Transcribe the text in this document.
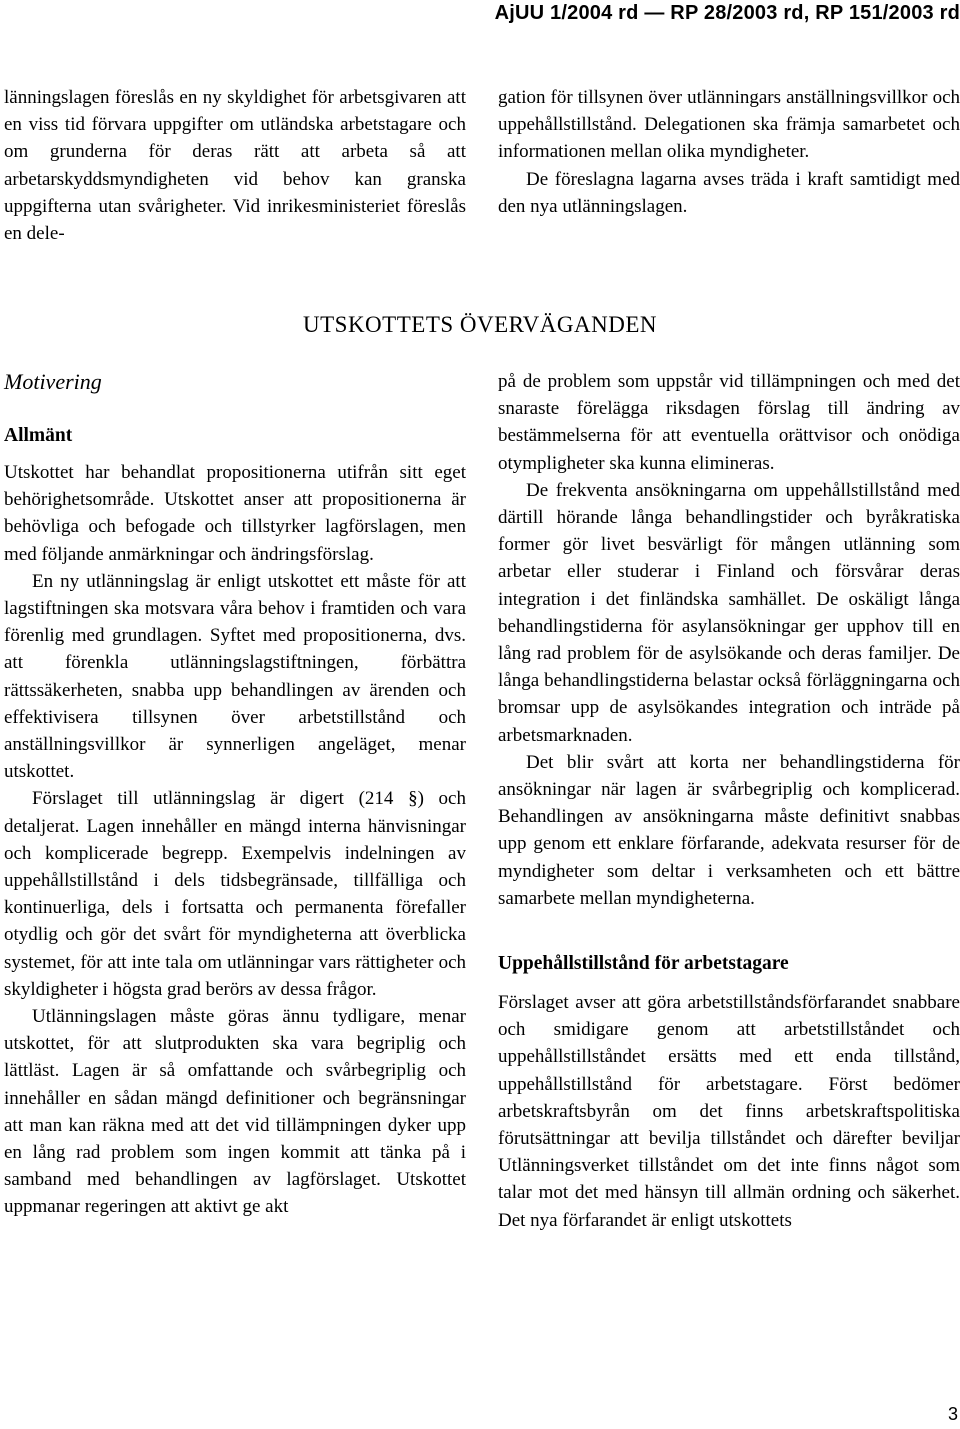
AjUU 1/2004 rd — RP 28/2003 rd, RP 151/2003 rd

länningslagen föreslås en ny skyldighet för arbetsgivaren att en viss tid förvara uppgifter om utländska arbetstagare och om grunderna för deras rätt att arbeta så att arbetarskyddsmyndigheten vid behov kan granska uppgifterna utan svårigheter. Vid inrikesministeriet föreslås en dele-

gation för tillsynen över utlänningars anställningsvillkor och uppehållstillstånd. Delegationen ska främja samarbetet och informationen mellan olika myndigheter.

De föreslagna lagarna avses träda i kraft samtidigt med den nya utlänningslagen.

UTSKOTTETS ÖVERVÄGANDEN
Motivering
Allmänt

Utskottet har behandlat propositionerna utifrån sitt eget behörighetsområde. Utskottet anser att propositionerna är behövliga och befogade och tillstyrker lagförslagen, men med följande anmärkningar och ändringsförslag.

En ny utlänningslag är enligt utskottet ett måste för att lagstiftningen ska motsvara våra behov i framtiden och vara förenlig med grundlagen. Syftet med propositionerna, dvs. att förenkla utlänningslagstiftningen, förbättra rättssäkerheten, snabba upp behandlingen av ärenden och effektivisera tillsynen över arbetstillstånd och anställningsvillkor är synnerligen angeläget, menar utskottet.

Förslaget till utlänningslag är digert (214 §) och detaljerat. Lagen innehåller en mängd interna hänvisningar och komplicerade begrepp. Exempelvis indelningen av uppehållstillstånd i dels tidsbegränsade, tillfälliga och kontinuerliga, dels i fortsatta och permanenta förefaller otydlig och gör det svårt för myndigheterna att överblicka systemet, för att inte tala om utlänningar vars rättigheter och skyldigheter i högsta grad berörs av dessa frågor.

Utlänningslagen måste göras ännu tydligare, menar utskottet, för att slutprodukten ska vara begriplig och lättläst. Lagen är så omfattande och svårbegriplig och innehåller en sådan mängd definitioner och begränsningar att man kan räkna med att det vid tillämpningen dyker upp en lång rad problem som ingen kommit att tänka på i samband med behandlingen av lagförslaget. Utskottet uppmanar regeringen att aktivt ge akt

på de problem som uppstår vid tillämpningen och med det snaraste förelägga riksdagen förslag till ändring av bestämmelserna för att eventuella orättvisor och onödiga otympligheter ska kunna elimineras.

De frekventa ansökningarna om uppehållstillstånd med därtill hörande långa behandlingstider och byråkratiska former gör livet besvärligt för mången utlänning som arbetar eller studerar i Finland och försvårar deras integration i det finländska samhället. De oskäligt långa behandlingstiderna för asylansökningar ger upphov till en lång rad problem för de asylsökande och deras familjer. De långa behandlingstiderna belastar också förläggningarna och bromsar upp de asylsökandes integration och inträde på arbetsmarknaden.

Det blir svårt att korta ner behandlingstiderna för ansökningar när lagen är svårbegriplig och komplicerad. Behandlingen av ansökningarna måste definitivt snabbas upp genom ett enklare förfarande, adekvata resurser för de myndigheter som deltar i verksamheten och ett bättre samarbete mellan myndigheterna.

Uppehållstillstånd för arbetstagare

Förslaget avser att göra arbetstillståndsförfarandet snabbare och smidigare genom att arbetstillståndet och uppehållstillståndet ersätts med ett enda tillstånd, uppehållstillstånd för arbetstagare. Först bedömer arbetskraftsbyrån om det finns arbetskraftspolitiska förutsättningar att bevilja tillståndet och därefter beviljar Utlänningsverket tillståndet om det inte finns något som talar mot det med hänsyn till allmän ordning och säkerhet. Det nya förfarandet är enligt utskottets

3
